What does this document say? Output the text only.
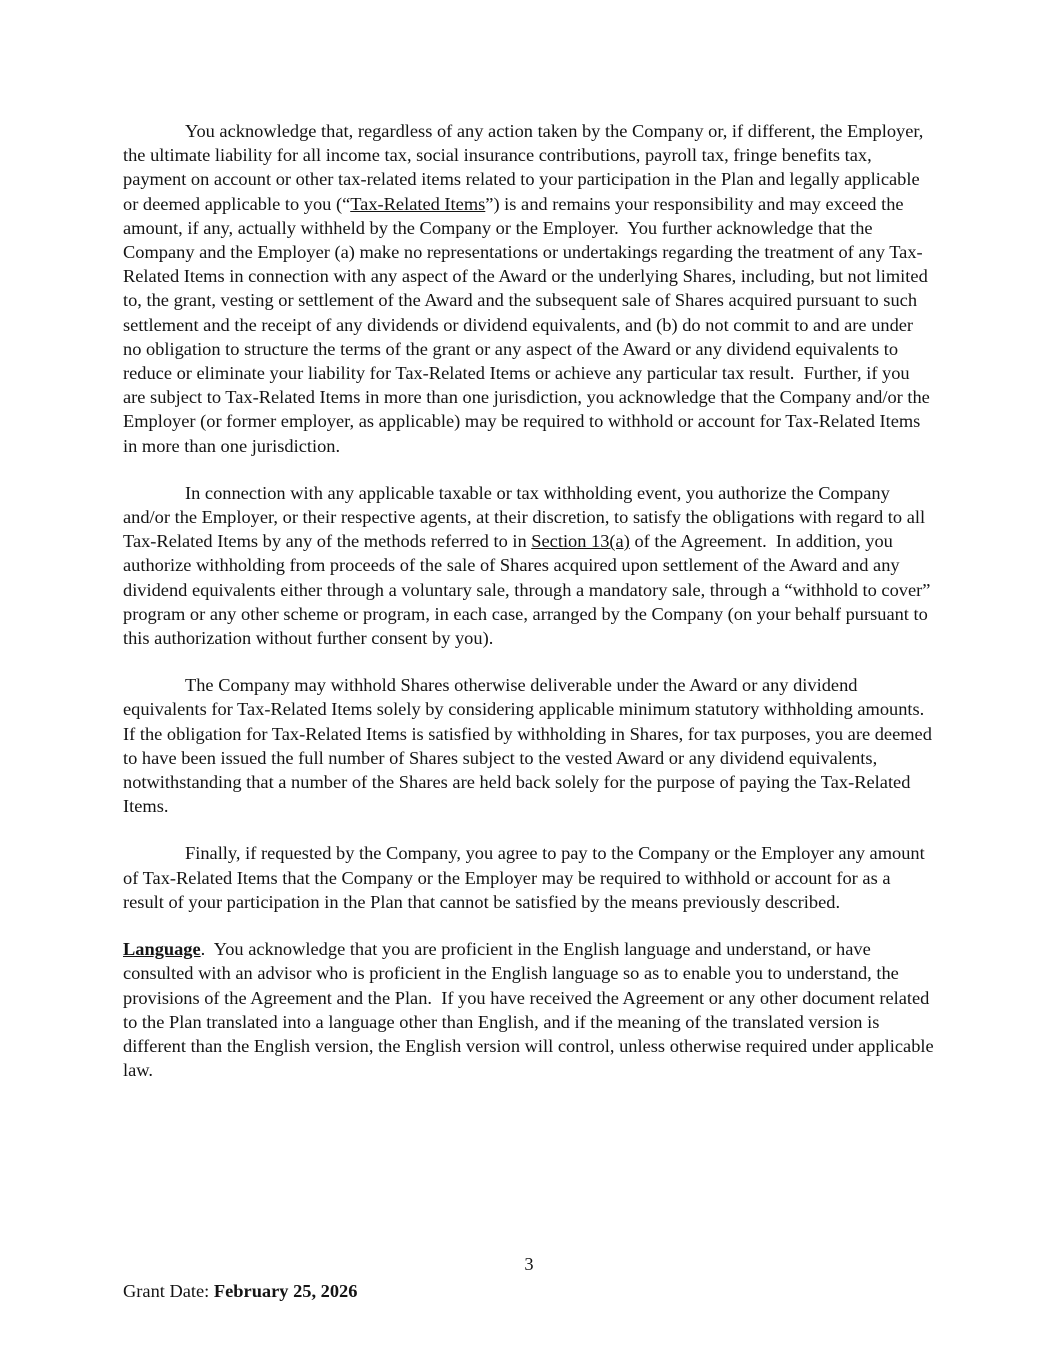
You acknowledge that, regardless of any action taken by the Company or, if different, the Employer, the ultimate liability for all income tax, social insurance contributions, payroll tax, fringe benefits tax, payment on account or other tax-related items related to your participation in the Plan and legally applicable or deemed applicable to you (“Tax-Related Items”) is and remains your responsibility and may exceed the amount, if any, actually withheld by the Company or the Employer.  You further acknowledge that the Company and the Employer (a) make no representations or undertakings regarding the treatment of any Tax-Related Items in connection with any aspect of the Award or the underlying Shares, including, but not limited to, the grant, vesting or settlement of the Award and the subsequent sale of Shares acquired pursuant to such settlement and the receipt of any dividends or dividend equivalents, and (b) do not commit to and are under no obligation to structure the terms of the grant or any aspect of the Award or any dividend equivalents to reduce or eliminate your liability for Tax-Related Items or achieve any particular tax result.  Further, if you are subject to Tax-Related Items in more than one jurisdiction, you acknowledge that the Company and/or the Employer (or former employer, as applicable) may be required to withhold or account for Tax-Related Items in more than one jurisdiction.

In connection with any applicable taxable or tax withholding event, you authorize the Company and/or the Employer, or their respective agents, at their discretion, to satisfy the obligations with regard to all Tax-Related Items by any of the methods referred to in Section 13(a) of the Agreement.  In addition, you authorize withholding from proceeds of the sale of Shares acquired upon settlement of the Award and any dividend equivalents either through a voluntary sale, through a mandatory sale, through a “withhold to cover” program or any other scheme or program, in each case, arranged by the Company (on your behalf pursuant to this authorization without further consent by you).

The Company may withhold Shares otherwise deliverable under the Award or any dividend equivalents for Tax-Related Items solely by considering applicable minimum statutory withholding amounts.  If the obligation for Tax-Related Items is satisfied by withholding in Shares, for tax purposes, you are deemed to have been issued the full number of Shares subject to the vested Award or any dividend equivalents, notwithstanding that a number of the Shares are held back solely for the purpose of paying the Tax-Related Items.

Finally, if requested by the Company, you agree to pay to the Company or the Employer any amount of Tax-Related Items that the Company or the Employer may be required to withhold or account for as a result of your participation in the Plan that cannot be satisfied by the means previously described.

Language.  You acknowledge that you are proficient in the English language and understand, or have consulted with an advisor who is proficient in the English language so as to enable you to understand, the provisions of the Agreement and the Plan.  If you have received the Agreement or any other document related to the Plan translated into a language other than English, and if the meaning of the translated version is different than the English version, the English version will control, unless otherwise required under applicable law.

3
Grant Date: February 25, 2026
